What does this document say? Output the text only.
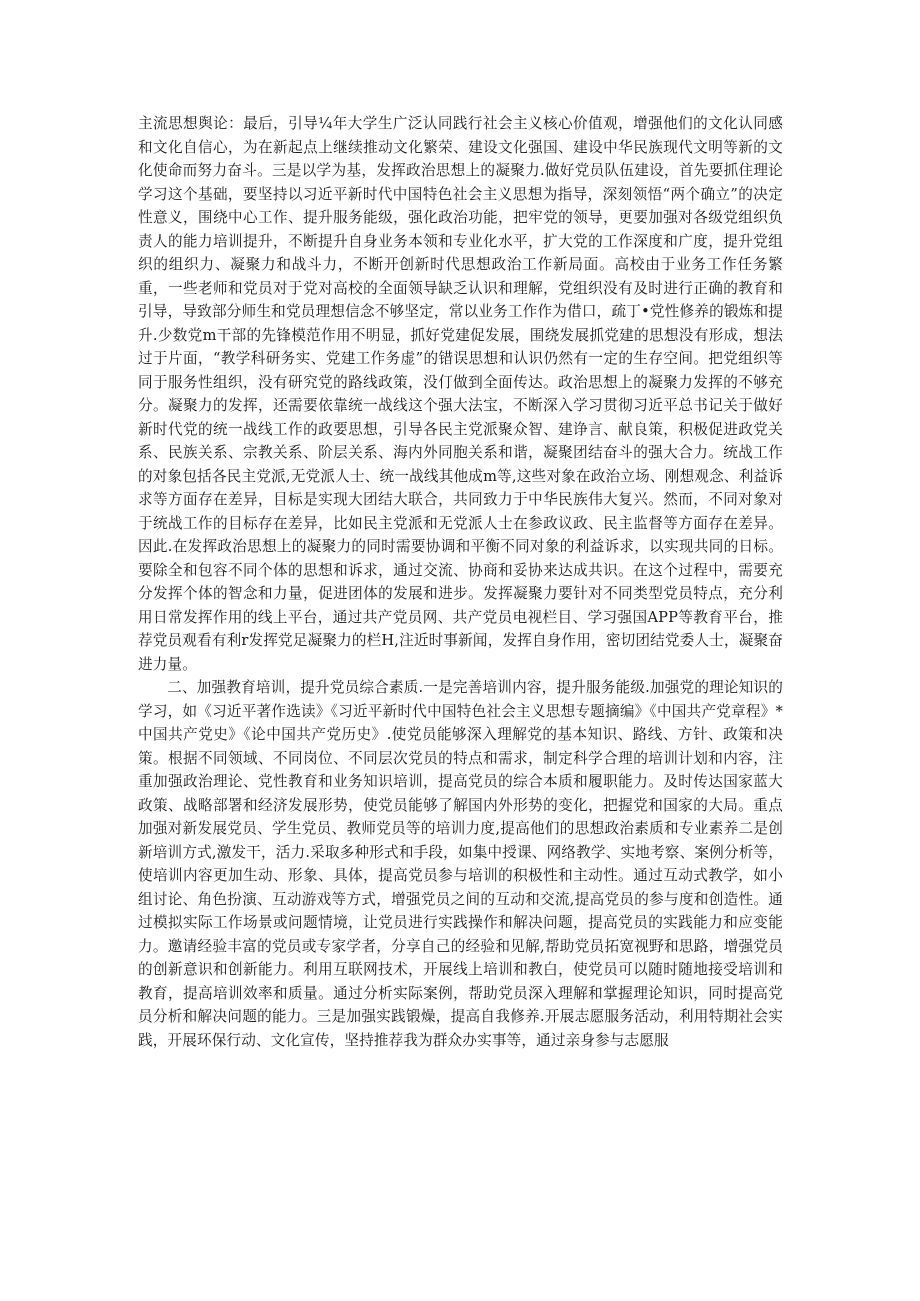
主流思想舆论：最后，引导¼年大学生广泛认同践行社会主义核心价值观，增强他们的文化认同感和文化自信心，为在新起点上继续推动文化繁荣、建设文化强国、建设中华民族现代文明等新的文化使命而努力奋斗。三是以学为基，发挥政治思想上的凝聚力.做好党员队伍建设，首先要抓住理论学习这个基础，要坚持以习近平新时代中国特色社会主义思想为指导，深刻领悟“两个确立”的决定性意义，围绕中心工作、提升服务能级，强化政治功能，把牢党的领导，更要加强对各级党组织负责人的能力培训提升，不断提升自身业务本领和专业化水平，扩大党的工作深度和广度，提升党组织的组织力、凝聚力和战斗力，不断开创新时代思想政治工作新局面。高校由于业务工作任务繁重，一些老师和党员对于党对高校的全面领导缺乏认识和理解，党组织没有及时进行正确的教育和引导，导致部分师生和党员理想信念不够坚定，常以业务工作作为借口，疏丁•党性修养的锻炼和提升.少数党m干部的先锋模范作用不明显，抓好党建促发展，围绕发展抓党建的思想没有形成，想法过于片面，“教学科研务实、党建工作务虚”的错误思想和认识仍然有一定的生存空间。把党组织等同于服务性组织，没有研究党的路线政策，没仃做到全面传达。政治思想上的凝聚力发挥的不够充分。凝聚力的发挥，还需要依靠统一战线这个强大法宝，不断深入学习贯彻习近平总书记关于做好新时代党的统一战线工作的政要思想，引导各民主党派聚众智、建诤言、献良策，积极促进政党关系、民族关系、宗教关系、阶层关系、海内外同胞关系和谐，凝聚团结奋斗的强大合力。统战工作的对象包括各民主党派,无党派人士、统一战线其他成m等,这些对象在政治立场、刚想观念、利益诉求等方面存在差异，目标是实现大团结大联合，共同致力于中华民族伟大复兴。然而，不同对象对于统战工作的目标存在差异，比如民主党派和无党派人士在参政议政、民主监督等方面存在差异。因此.在发挥政治思想上的凝聚力的同时需要协调和平衡不同对象的利益诉求，以实现共同的日标。要除全和包容不同个体的思想和诉求，通过交流、协商和妥协来达成共识。在这个过程中，需要充分发挥个体的智念和力量，促进团体的发展和进步。发挥凝聚力要针对不同类型党员特点，充分利用日常发挥作用的线上平台，通过共产党员网、共产党员电视栏目、学习强国APP等教育平台，推荐党员观看有利r发挥党足凝聚力的栏H,注近时事新闻，发挥自身作用，密切团结党委人士，凝聚奋进力量。

二、加强教育培训，提升党员综合素质.一是完善培训内容，提升服务能级.加强党的理论知识的学习，如《习近平著作选读》《习近平新时代中国特色社会主义思想专题摘编》《中国共产党章程》*中国共产党史》《论中国共产党历史》.使党员能够深入理解党的基本知识、路线、方针、政策和决策。根据不同领域、不同岗位、不同层次党员的特点和需求，制定科学合理的培训计划和内容，注重加强政治理论、党性教育和业务知识培训，提高党员的综合本质和履职能力。及时传达国家蓝大政策、战略部署和经济发展形势，使党员能够了解国内外形势的变化，把握党和国家的大局。重点加强对新发展党员、学生党员、教师党员等的培训力度,提高他们的思想政治素质和专业素养二是创新培训方式,激发干，活力.采取多种形式和手段，如集中授课、网络教学、实地考察、案例分析等，使培训内容更加生动、形象、具体，提高党员参与培训的积极性和主动性。通过互动式教学，如小组讨论、角色扮演、互动游戏等方式，增强党员之间的互动和交流,提高党员的参与度和创造性。通过模拟实际工作场景或问题情境，让党员进行实践操作和解决问题，提高党员的实践能力和应变能力。邀请经验丰富的党员或专家学者，分享自己的经验和见解,帮助党员拓宽视野和思路，增强党员的创新意识和创新能力。利用互联网技术，开展线上培训和教白，使党员可以随时随地接受培训和教育，提高培训效率和质量。通过分析实际案例，帮助党员深入理解和掌握理论知识，同时提高党员分析和解决问题的能力。三是加强实践锻燥，提高自我修养.开展志愿服务活动，利用特期社会实践，开展环保行动、文化宣传，坚持推荐我为群众办实事等，通过亲身参与志愿服
